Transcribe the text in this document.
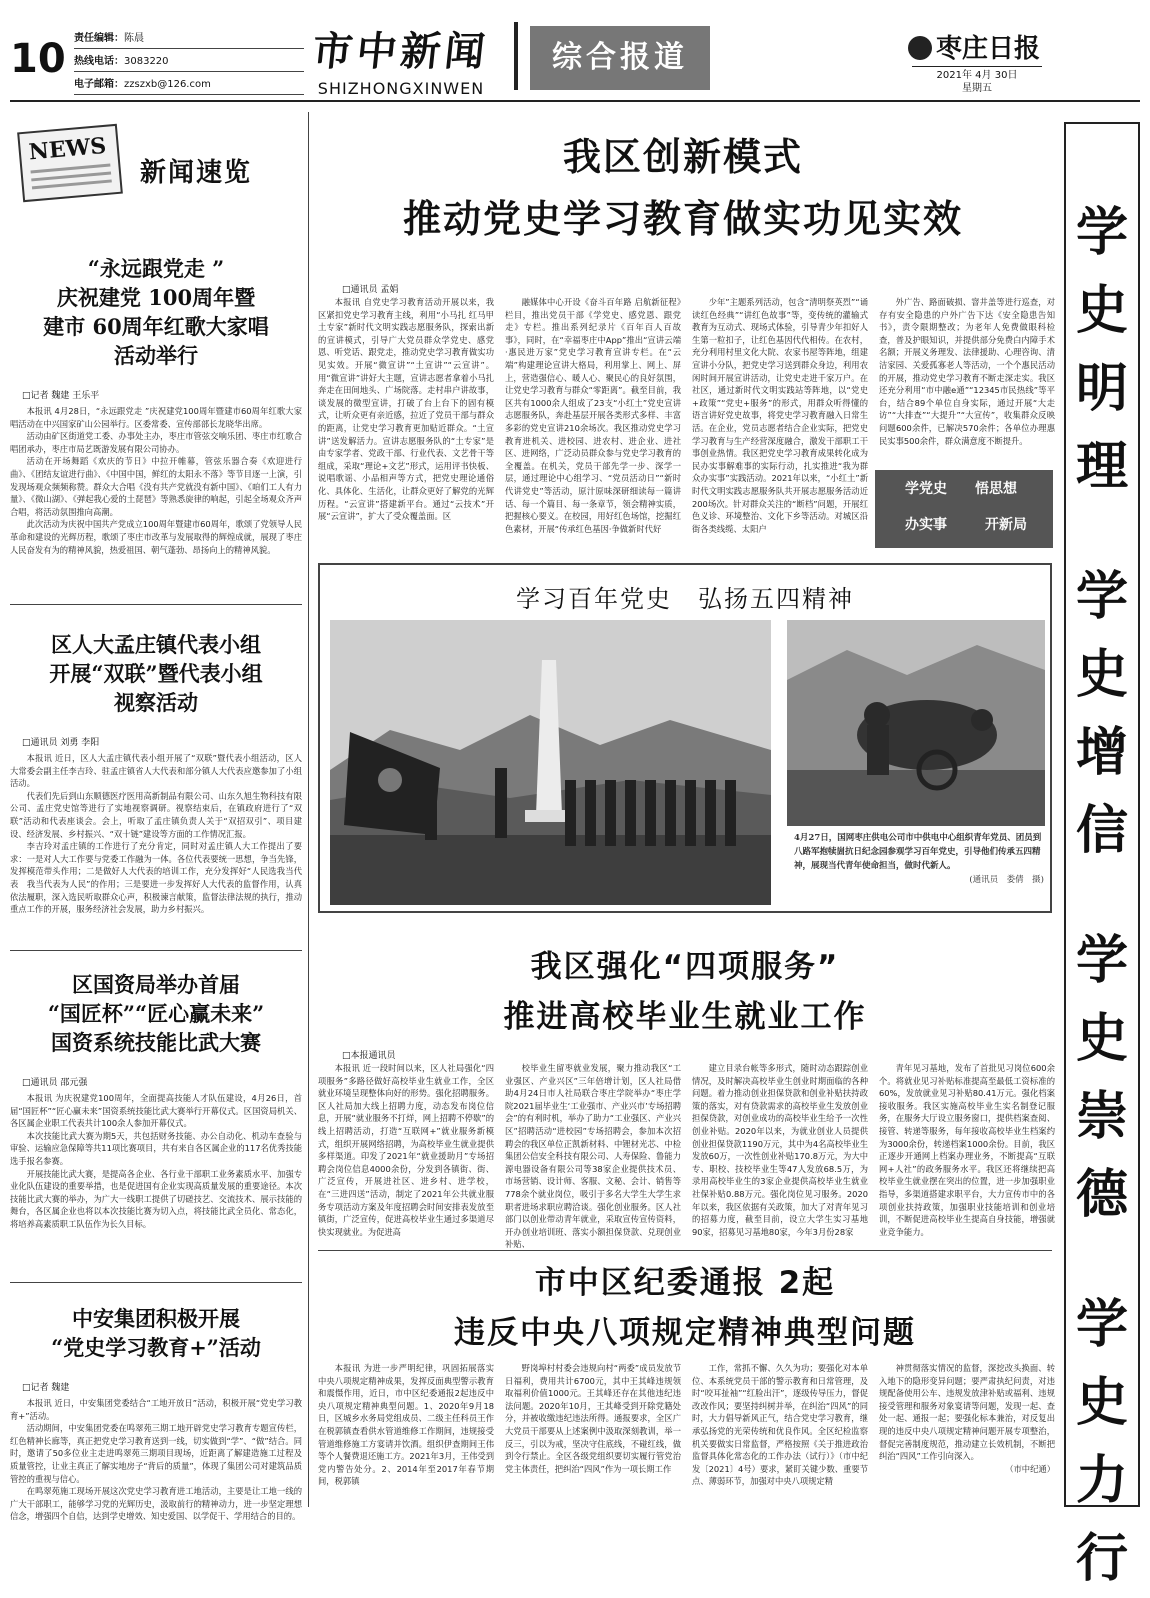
10 责任编辑：陈晨
热线电话：3083220
电子邮箱：zzszxb@126.com
市中新闻
SHIZHONGXINWEN
综合报道	枣庄日报
2021年 4月 30日
星期五
NEWS
新闻速览
“永远跟党走 ”
庆祝建党 100周年暨
建市 60周年红歌大家唱
活动举行
□记者 魏建 王乐平

本报讯 4月28日，“永远跟党走 ”庆祝建党100周年暨建市60周年红歌大家唱活动在中兴国家矿山公园举行。区委常委、宣传部部长龙晓华出席。

活动由矿区街道党工委、办事处主办，枣庄市管弦交响乐团、枣庄市红歌合唱团承办，枣庄市局艺既游发展有限公司协办。

活动在开场舞蹈《欢庆的节日》中拉开帷幕，管弦乐器合奏《欢迎进行曲》、《团结友谊进行曲》、《中国中国，鲜红的太阳永不落》等节目逐一上演，引发现场观众频频称赞。群众大合唱《没有共产党就没有新中国》、《咱们工人有力量》、《微山湖》、《弹起我心爱的土琵琶》等熟悉旋律的响起，引起全场观众齐声合唱，将活动氛围推向高潮。

此次活动为庆祝中国共产党成立100周年暨建市60周年，歌颂了党领导人民革命和建设的光辉历程，歌颂了枣庄市改革与发展取得的辉煌成就，展现了枣庄人民奋发有为的精神风貌，热爱祖国、朝气蓬勃、昂扬向上的精神风貌。

区人大孟庄镇代表小组
开展“双联”暨代表小组
视察活动
□通讯员 刘勇 李阳

本报讯 近日，区人大孟庄镇代表小组开展了“双联”暨代表小组活动，区人大常委会副主任李吉玲、驻孟庄镇省人大代表和部分镇人大代表应邀参加了小组活动。

代表们先后到山东顺德医疗医用高新制品有限公司、山东久旭生物科技有限公司、孟庄党史馆等进行了实地视察调研。视察结束后，在镇政府进行了“双联”活动和代表座谈会。会上，听取了孟庄镇负责人关于“双招双引”、项目建设、经济发展、乡村振兴、“双十链”建设等方面的工作情况汇报。

李吉玲对孟庄镇的工作进行了充分肯定，同时对孟庄镇人大工作提出了要求：一是对人大工作要与党委工作融为一体。各位代表要统一思想，争当先锋，发挥模范带头作用；二是做好人大代表的培训工作，充分发挥好“人民选我当代表　我当代表为人民”的作用；三是要进一步发挥好人大代表的监督作用，认真依法履职，深入选民听取群众心声，积极谏言献策，监督法律法规的执行，推动重点工作的开展，服务经济社会发展，助力乡村振兴。

区国资局举办首届
“国匠杯”“匠心赢未来”
国资系统技能比武大赛
□通讯员 邵元强

本报讯 为庆祝建党100周年，全面提高技能人才队伍建设，4月26日，首届“国匠杯”“匠心赢未来”国资系统技能比武大赛举行开幕仪式。区国资局机关、各区属企业职工代表共计100余人参加开幕仪式。

本次技能比武大赛为期5天，共包括财务技能、办公自动化、机动车查验与审验、运输应急保障等共11项比赛项目，共有来自各区属企业的117名优秀技能选手报名参赛。

开展技能比武大赛，是提高各企业、各行业干部职工业务素质水平、加强专业化队伍建设的重要举措，也是促进国有企业实现高质量发展的重要途径。本次技能比武大赛的举办，为广大一线职工提供了切磋技艺、交流技术、展示技能的舞台，各区属企业也将以本次技能比赛为切入点，将技能比武全员化、常态化，将培养高素质职工队伍作为长久目标。

中安集团积极开展
“党史学习教育+”活动
□记者 魏建

本报讯 近日，中安集团党委结合“工地开放日”活动，积极开展“党史学习教育+”活动。

活动期间，中安集团党委在鸣翠苑三期工地开辟党史学习教育专题宣传栏，红色精神长廊等，真正把党史学习教育送到一线，切实做到“学”、“做”结合。同时，邀请了50多位业主走进鸣翠苑三期项目现场，近距离了解建造施工过程及质量管控，让业主真正了解实地房子“背后的质量”，体现了集团公司对建筑品质管控的重视与信心。

在鸣翠苑施工现场开展这次党史学习教育进工地活动，主要是让工地一线的广大干部职工，能够学习党的光辉历史，汲取前行的精神动力，进一步坚定理想信念，增强四个自信，达到学史增效、知史爱国、以学促干、学用结合的目的。

我区创新模式
推动党史学习教育做实功见实效
□通讯员 孟娟

本报讯 自党史学习教育活动开展以来，我区紧扣党史学习教育主线，利用“小马扎 红马甲 土专家”新时代文明实践志愿服务队，探索出新的宣讲模式，引导广大党员群众学党史、感党恩、听党话、跟党走，推动党史学习教育做实功见实效。开展“微宣讲”“土宣讲”“云宣讲”。用“微宣讲”讲好大主题，宣讲志愿者拿着小马扎奔走在田间地头、广场院落。走村串户讲故事，谈发展的微型宣讲，打破了台上台下的固有模式，让听众更有亲近感，拉近了党员干部与群众的距离，让党史学习教育更加贴近群众。“土宣讲”送发解活力。宣讲志愿服务队的“土专家”是由专家学者、党政干部、行业代表、文艺骨干等组成，采取“理论+文艺”形式，运用评书快板、说唱歌谣、小品相声等方式，把党史理论通俗化、具体化、生活化，让群众更好了解党的光辉历程。“云宣讲”搭建新平台。通过“云技术”开展“云宣讲”，扩大了受众覆盖面。区

融媒体中心开设《奋斗百年路 启航新征程》栏目，推出党员干部《学党史、感党恩、跟党走》专栏。推出系列纪录片《百年百人百故事》，同时，在“幸福枣庄中App”推出“宣讲云端·惠民进万家”党史学习教育宣讲专栏。在“云端”构建理论宣讲大格局，利用掌上、网上、屏上，营造强信心、暖人心、聚民心的良好氛围，让党史学习教育与群众“零距离”。截至目前，我区共有1000余人组成了23支“小红土”党史宣讲志愿服务队，奔赴基层开展各类形式多样、丰富多彩的党史宣讲210余场次。我区推动党史学习教育进机关、进校园、进农村、进企业、进社区、进网络，广泛动员群众参与党史学习教育的全覆盖。在机关，党员干部先学一步、深学一层，通过理论中心组学习、“党员活动日”“新时代讲党史”等活动，原汁原味深研细读每一篇讲话、每一个篇目、每一条章节，领会精神实质，把握核心要义。在校园，用好红色场馆，挖掘红色素材，开展“传承红色基因·争做新时代好

少年”主题系列活动，包含“清明祭英烈”“诵读红色经典”“讲红色故事”等，变传统的灌输式教育为互动式、现场式体验，引导青少年扣好人生第一粒扣子，让红色基因代代相传。在农村，充分利用村里文化大院、农家书屋等阵地，组建宣讲小分队，把党史学习送到群众身边，利用农闲时间开展宣讲活动，让党史走进千家万户。在社区，通过新时代文明实践站等阵地，以“党史+政策”“党史+服务”的形式，用群众听得懂的语言讲好党史故事，将党史学习教育融入日常生活。在企业，党员志愿者结合企业实际，把党史学习教育与生产经营深度融合，激发干部职工干事创业热情。我区把党史学习教育成果转化成为民办实事解难事的实际行动，扎实推进“我为群众办实事”实践活动。2021年以来，“小红土”新时代文明实践志愿服务队共开展志愿服务活动近200场次。针对群众关注的“断档”问题，开展红色义诊、环境整治、文化下乡等活动。对城区沿街各类线缆、太阳户

外广告、路面破损、窨井盖等进行巡查，对存有安全隐患的户外广告下达《安全隐患告知书》，责令限期整改；为老年人免费做眼科检查，普及护眼知识，并提供部分免费白内障手术名额；开展义务理发、法律援助、心理咨询、清洁家园、关爱孤寡老人等活动，一个个惠民活动的开展，推动党史学习教育不断走深走实。我区还充分利用“市中融e通”“12345市民热线”等平台，结合89个单位自身实际，通过开展“大走访”“大排查”“大提升”“大宣传”，收集群众反映问题600余件，已解决570余件；各单位办理惠民实事500余件，群众满意度不断提升。

学党史 悟思想
办实事	开新局
学习百年党史　弘扬五四精神
4月27日，国网枣庄供电公司市中供电中心组织青年党员、团员到八路军抱犊崮抗日纪念园参观学习百年党史，引导他们传承五四精神，展现当代青年使命担当，做时代新人。
(通讯员　娄倩　摄)
我区强化“四项服务”
推进高校毕业生就业工作
□本报通讯员

本报讯 近一段时间以来，区人社局强化“四项服务”多路径做好高校毕业生就业工作，全区就业环境呈现整体向好的形势。强化招聘服务。区人社局加大线上招聘力度，动态发布岗位信息，开展“就业服务不打烊，网上招聘不停歇”的线上招聘活动，打造“互联网+”就业服务新模式，组织开展网络招聘，为高校毕业生就业提供多样渠道。印发了2021年“就业援助月”专场招聘会岗位信息4000余份，分发到各镇街、街、广泛宣传，开展进社区、进乡村、进学校，在“三进四送”活动，制定了2021年公共就业服务专项活动方案及年度招聘会时间安排表发放至镇街，广泛宣传，促进高校毕业生通过多渠道尽快实现就业。为促进高

校毕业生留枣就业发展，聚力推动我区“工业强区、产业兴区”三年倍增计划，区人社局借助4月24日市人社局联合枣庄学院举办“枣庄学院2021届毕业生‘工业强市、产业兴市’专场招聘会”的有利时机，举办了助力“工业强区、产业兴区”招聘活动“进校园”专场招聘会，参加本次招聘会的我区单位正凯新材料、中锂材光芯、中检集团公信安全科技有限公司、人寿保险、鲁能力源电器设备有限公司等38家企业提供技术员、市场营销、设计师、客服、文秘、会计、销售等778余个就业岗位，吸引于多名大学生大学生求职者进场求职应聘洽谈。强化创业服务。区人社部门以创业带动青年就业，采取宣传宣传资料，开办创业培训班、落实小额担保贷款、兑现创业补贴、

建立目录台帐等多形式，随时动态跟踪创业情况，及时解决高校毕业生创业时期面临的各种问题。着力推动创业担保贷款和创业补贴扶持政策的落实，对有贷款需求的高校毕业生发放创业担保贷款，对创业成功的高校毕业生给予一次性创业补贴。2020年以来，为就业创业人员提供创业担保贷款1190万元，其中为4名高校毕业生发放60万，一次性创业补贴170.8万元，为大中专、职校、技校毕业生等47人发放68.5万，为录用高校毕业生的3家企业提供高校毕业生就业社保补贴0.88万元。强化岗位见习服务。2020年以来，我区依据有关政策，加大了对青年见习的招募力度，截至目前，设立大学生实习基地90家，招募见习基地80家，今年3月份28家

青年见习基地，发布了首批见习岗位600余个。将就业见习补贴标准提高至最低工资标准的60%，发放就业见习补贴80.41万元。强化档案接收服务。我区实施高校毕业生实名制登记服务，在服务大厅设立服务窗口，提供档案查阅、接管、转递等服务，每年接收高校毕业生档案约为3000余份，转递档案1000余份。目前，我区正逐步开通网上档案办理业务，不断提高“互联网+人社”的政务服务水平。我区还将继续把高校毕业生就业摆在突出的位置，进一步加强职业指导，多渠道搭建求职平台，大力宣传市中的各项创业扶持政策，加强职业技能培训和创业培训，不断促进高校毕业生提高自身技能，增强就业竞争能力。

市中区纪委通报 2起
违反中央八项规定精神典型问题

本报讯 为进一步严明纪律，巩固拓展落实中央八项规定精神成果，发挥反面典型警示教育和震慑作用，近日，市中区纪委通报2起违反中央八项规定精神典型问题。1、2020年9月18日，区城乡水务局党组成员、二级主任科员王作在税郭镇查看供水管道维修工作期间，违规接受管道维修施工方宴请并饮酒。组织伊查期间王伟等个人餐费退还施工方。2021年3月，王伟受到党内警告处分。2、2014年至2017年春节期间，税郭镇

野岗埠村村委会违规向村“两委”成员发放节日福利，费用共计6700元，其中王其峰违规领取福利价值1000元。王其峰还存在其他违纪违法问题。2020年10月，王其峰受到开除党籍处分，并被收缴违纪违法所得。通报要求，全区广大党员干部要从上述案例中汲取深刻教训，举一反三，引以为戒，坚决守住底线，不碰红线，做到令行禁止。全区各级党组织要切实履行管党治党主体责任，把纠治“四风”作为一项长期工作

工作，常抓不懈、久久为功；要强化对本单位、本系统党员干部的警示教育和日常管理，及时“咬耳扯袖”“红脸出汗”，逐级传导压力，督促改改作风；要坚持纠树并举，在纠治“四风”的同时，大力倡导新风正气，结合党史学习教育，继承弘扬党的光荣传统和优良作风。全区纪检监察机关要做实日常监督，严格按照《关于推进政治监督具体化常态化的工作办法（试行）》（市中纪发〔2021〕4号）要求，紧盯关键少数、重要节点、薄弱环节，加强对中央八项规定精

神贯彻落实情况的监督，深挖改头换面、转入地下的隐形变异问题；要严肃执纪问责，对违规配备使用公车、违规发放津补贴或福利、违规接受管理和服务对象宴请等问题，发现一起、查处一起、通报一起；要强化标本兼治，对反复出现的违反中央八项规定精神问题开展专项整治，督促完善制度规范，推动建立长效机制，不断把纠治“四风”工作引向深入。

（市中纪通）
学
史
明
理
学
史
增
信
学
史
崇
德
学
史
力
行
